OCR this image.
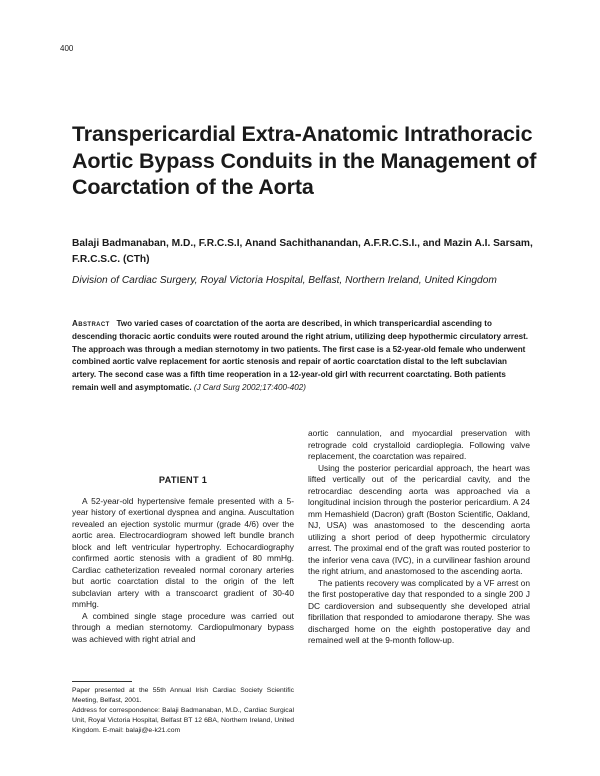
400
Transpericardial Extra-Anatomic Intrathoracic Aortic Bypass Conduits in the Management of Coarctation of the Aorta
Balaji Badmanaban, M.D., F.R.C.S.I, Anand Sachithanandan, A.F.R.C.S.I., and Mazin A.I. Sarsam, F.R.C.S.C. (CTh)
Division of Cardiac Surgery, Royal Victoria Hospital, Belfast, Northern Ireland, United Kingdom

Abstract Two varied cases of coarctation of the aorta are described, in which transpericardial ascending to descending thoracic aortic conduits were routed around the right atrium, utilizing deep hypothermic circulatory arrest. The approach was through a median sternotomy in two patients. The first case is a 52-year-old female who underwent combined aortic valve replacement for aortic stenosis and repair of aortic coarctation distal to the left subclavian artery. The second case was a fifth time reoperation in a 12-year-old girl with recurrent coarctating. Both patients remain well and asymptomatic. (J Card Surg 2002;17:400-402)

PATIENT 1

A 52-year-old hypertensive female presented with a 5-year history of exertional dyspnea and angina. Auscultation revealed an ejection systolic murmur (grade 4/6) over the aortic area. Electrocardiogram showed left bundle branch block and left ventricular hypertrophy. Echocardiography confirmed aortic stenosis with a gradient of 80 mmHg. Cardiac catheterization revealed normal coronary arteries but aortic coarctation distal to the origin of the left subclavian artery with a transcoarct gradient of 30-40 mmHg.

A combined single stage procedure was carried out through a median sternotomy. Cardiopulmonary bypass was achieved with right atrial and

aortic cannulation, and myocardial preservation with retrograde cold crystalloid cardioplegia. Following valve replacement, the coarctation was repaired.

Using the posterior pericardial approach, the heart was lifted vertically out of the pericardial cavity, and the retrocardiac descending aorta was approached via a longitudinal incision through the posterior pericardium. A 24 mm Hemashield (Dacron) graft (Boston Scientific, Oakland, NJ, USA) was anastomosed to the descending aorta utilizing a short period of deep hypothermic circulatory arrest. The proximal end of the graft was routed posterior to the inferior vena cava (IVC), in a curvilinear fashion around the right atrium, and anastomosed to the ascending aorta.

The patients recovery was complicated by a VF arrest on the first postoperative day that responded to a single 200 J DC cardioversion and subsequently she developed atrial fibrillation that responded to amiodarone therapy. She was discharged home on the eighth postoperative day and remained well at the 9-month follow-up.

Paper presented at the 55th Annual Irish Cardiac Society Scientific Meeting, Belfast, 2001.

Address for correspondence: Balaji Badmanaban, M.D., Cardiac Surgical Unit, Royal Victoria Hospital, Belfast BT 12 6BA, Northern Ireland, United Kingdom. E-mail: balaji@e-k21.com
